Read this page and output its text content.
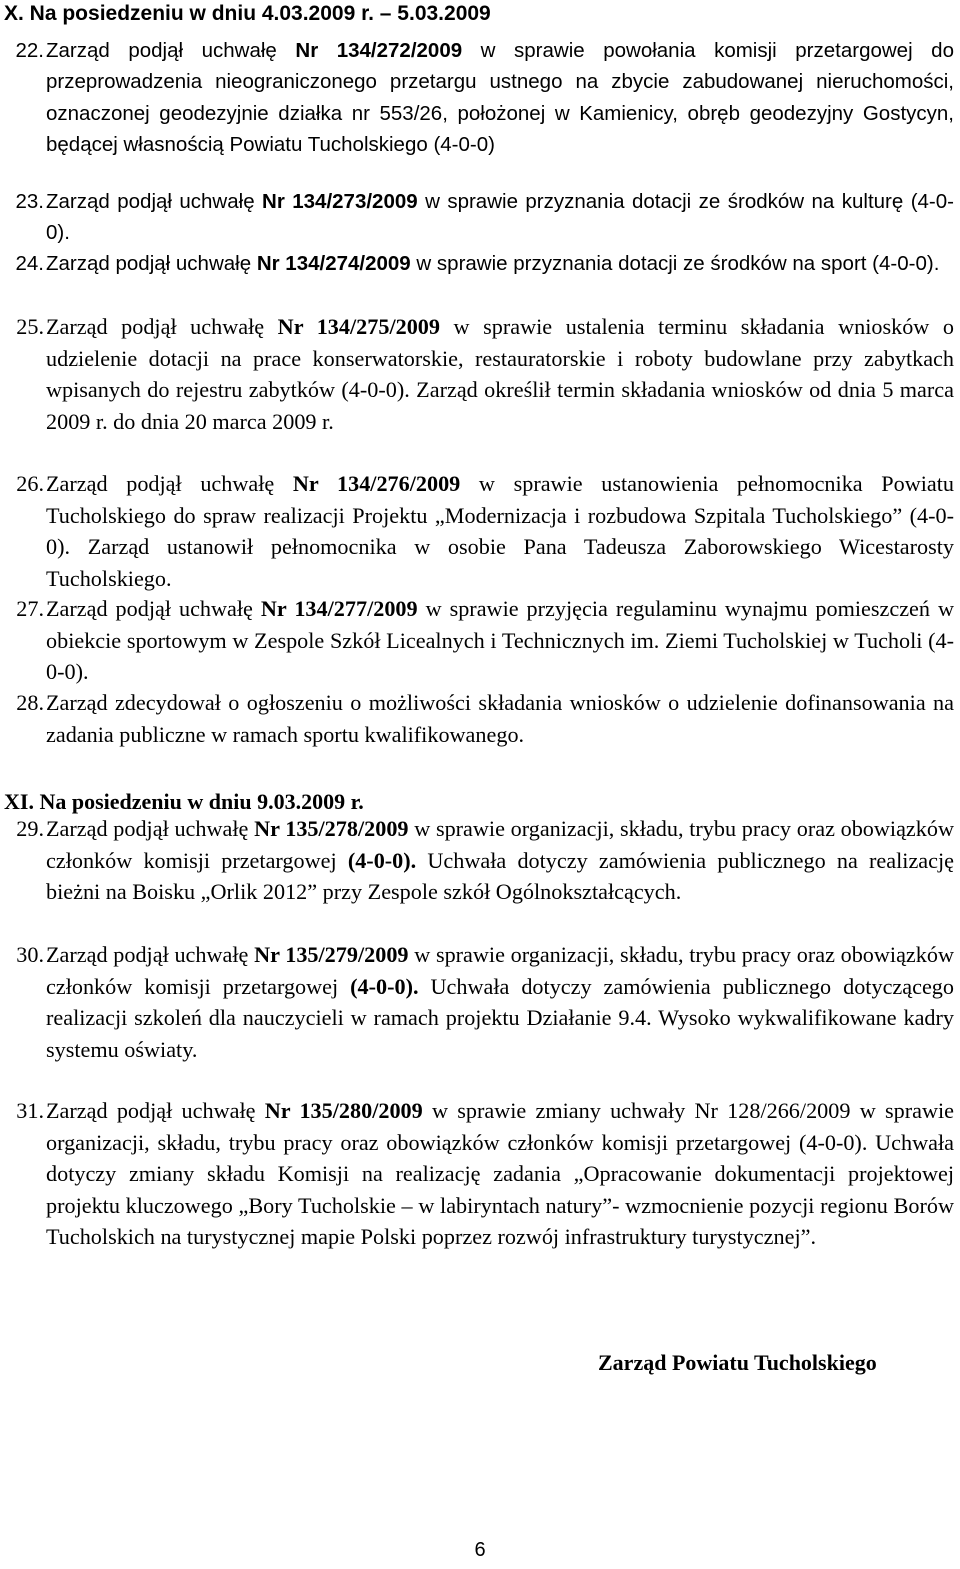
X. Na posiedzeniu w dniu 4.03.2009 r. – 5.03.2009
22. Zarząd podjął uchwałę Nr 134/272/2009 w sprawie powołania komisji przetargowej do przeprowadzenia nieograniczonego przetargu ustnego na zbycie zabudowanej nieruchomości, oznaczonej geodezyjnie działka nr 553/26, położonej w Kamienicy, obręb geodezyjny Gostycyn, będącej własnością Powiatu Tucholskiego (4-0-0)
23. Zarząd podjął uchwałę Nr 134/273/2009 w sprawie przyznania dotacji ze środków na kulturę (4-0-0).
24. Zarząd podjął uchwałę Nr 134/274/2009 w sprawie przyznania dotacji ze środków na sport (4-0-0).
25. Zarząd podjął uchwałę Nr 134/275/2009 w sprawie ustalenia terminu składania wniosków o udzielenie dotacji na prace konserwatorskie, restauratorskie i roboty budowlane przy zabytkach wpisanych do rejestru zabytków (4-0-0). Zarząd określił termin składania wniosków od dnia 5 marca 2009 r. do dnia 20 marca 2009 r.
26. Zarząd podjął uchwałę Nr 134/276/2009 w sprawie ustanowienia pełnomocnika Powiatu Tucholskiego do spraw realizacji Projektu „Modernizacja i rozbudowa Szpitala Tucholskiego” (4-0-0). Zarząd ustanowił pełnomocnika w osobie Pana Tadeusza Zaborowskiego Wicestarosty Tucholskiego.
27. Zarząd podjął uchwałę Nr 134/277/2009 w sprawie przyjęcia regulaminu wynajmu pomieszczeń w obiekcie sportowym w Zespole Szkół Licealnych i Technicznych im. Ziemi Tucholskiej w Tucholi (4-0-0).
28. Zarząd zdecydował o ogłoszeniu o możliwości składania wniosków o udzielenie dofinansowania na zadania publiczne w ramach sportu kwalifikowanego.
XI. Na posiedzeniu w dniu 9.03.2009 r.
29. Zarząd podjął uchwałę Nr 135/278/2009 w sprawie organizacji, składu, trybu pracy oraz obowiązków członków komisji przetargowej (4-0-0). Uchwała dotyczy zamówienia publicznego na realizację bieżni na Boisku „Orlik 2012” przy Zespole szkół Ogólnokształcących.
30. Zarząd podjął uchwałę Nr 135/279/2009 w sprawie organizacji, składu, trybu pracy oraz obowiązków członków komisji przetargowej (4-0-0). Uchwała dotyczy zamówienia publicznego dotyczącego realizacji szkoleń dla nauczycieli w ramach projektu Działanie 9.4. Wysoko wykwalifikowane kadry systemu oświaty.
31. Zarząd podjął uchwałę Nr 135/280/2009 w sprawie zmiany uchwały Nr 128/266/2009 w sprawie organizacji, składu, trybu pracy oraz obowiązków członków komisji przetargowej (4-0-0). Uchwała dotyczy zmiany składu Komisji na realizację zadania „Opracowanie dokumentacji projektowej projektu kluczowego „Bory Tucholskie – w labiryntach natury”- wzmocnienie pozycji regionu Borów Tucholskich na turystycznej mapie Polski poprzez rozwój infrastruktury turystycznej”.
Zarząd Powiatu Tucholskiego
6
